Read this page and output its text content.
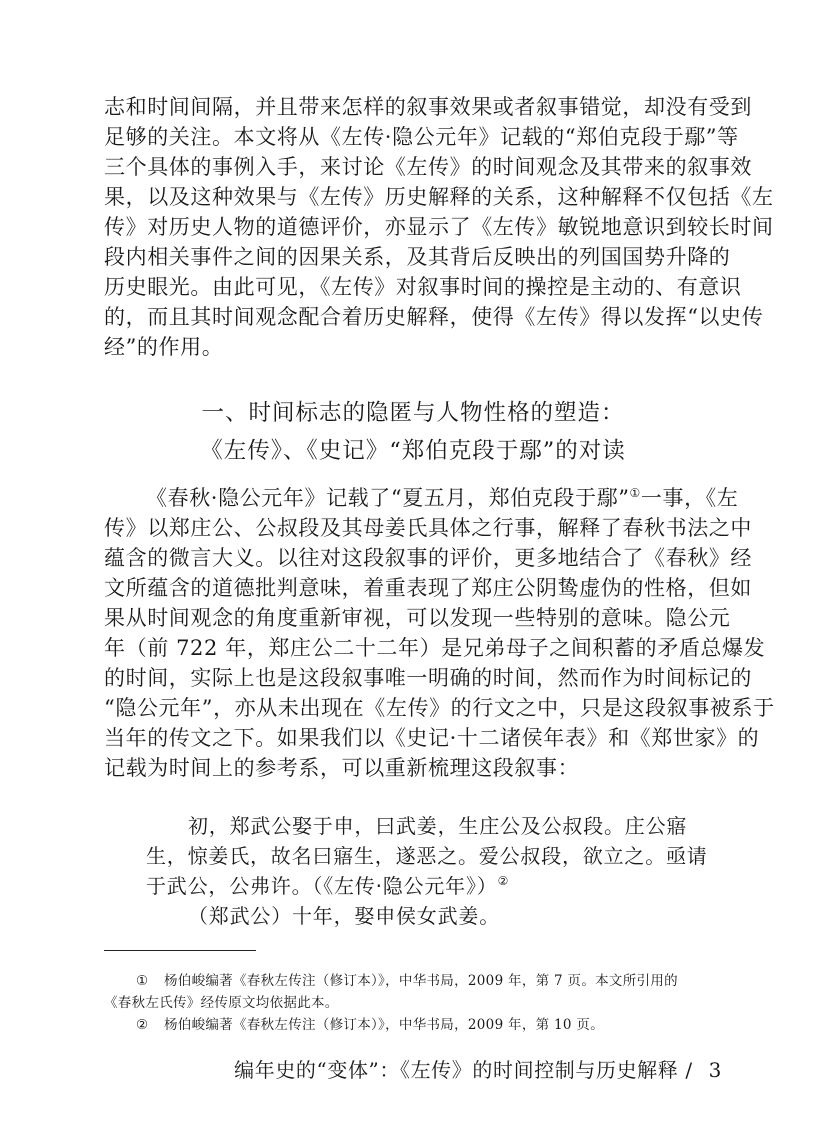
志和时间间隔，并且带来怎样的叙事效果或者叙事错觉，却没有受到
足够的关注。本文将从《左传·隐公元年》记载的“郑伯克段于鄢”等
三个具体的事例入手，来讨论《左传》的时间观念及其带来的叙事效
果，以及这种效果与《左传》历史解释的关系，这种解释不仅包括《左
传》对历史人物的道德评价，亦显示了《左传》敏锐地意识到较长时间
段内相关事件之间的因果关系，及其背后反映出的列国国势升降的
历史眼光。由此可见，《左传》对叙事时间的操控是主动的、有意识
的，而且其时间观念配合着历史解释，使得《左传》得以发挥“以史传
经”的作用。
一、时间标志的隐匿与人物性格的塑造：
《左传》、《史记》“郑伯克段于鄢”的对读
《春秋·隐公元年》记载了“夏五月，郑伯克段于鄢”①一事，《左
传》以郑庄公、公叔段及其母姜氏具体之行事，解释了春秋书法之中
蕴含的微言大义。以往对这段叙事的评价，更多地结合了《春秋》经
文所蕴含的道德批判意味，着重表现了郑庄公阴鸷虚伪的性格，但如
果从时间观念的角度重新审视，可以发现一些特别的意味。隐公元
年（前 722 年，郑庄公二十二年）是兄弟母子之间积蓄的矛盾总爆发
的时间，实际上也是这段叙事唯一明确的时间，然而作为时间标记的
“隐公元年”，亦从未出现在《左传》的行文之中，只是这段叙事被系于
当年的传文之下。如果我们以《史记·十二诸侯年表》和《郑世家》的
记载为时间上的参考系，可以重新梳理这段叙事：
初，郑武公娶于申，曰武姜，生庄公及公叔段。庄公寤
生，惊姜氏，故名曰寤生，遂恶之。爱公叔段，欲立之。亟请
于武公，公弗许。（《左传·隐公元年》）②
（郑武公）十年，娶申侯女武姜。
① 杨伯峻编著《春秋左传注（修订本）》，中华书局，2009 年，第 7 页。本文所引用的
《春秋左氏传》经传原文均依据此本。
② 杨伯峻编著《春秋左传注（修订本）》，中华书局，2009 年，第 10 页。
编年史的“变体”：《左传》的时间控制与历史解释 / 3
